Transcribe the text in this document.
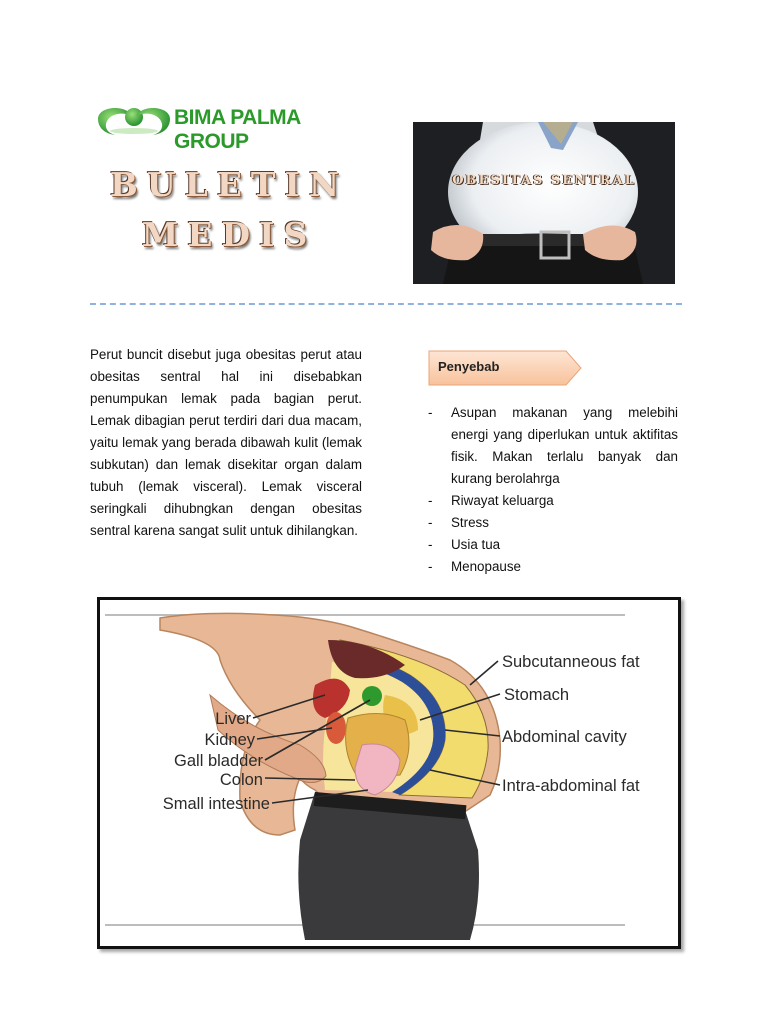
BIMA PALMA GROUP
BULETIN
MEDIS
OBESITAS SENTRAL

Perut buncit disebut juga obesitas perut atau obesitas sentral hal ini disebabkan penumpukan lemak pada bagian perut. Lemak dibagian perut terdiri dari dua macam, yaitu lemak yang berada dibawah kulit (lemak subkutan) dan lemak disekitar organ dalam tubuh (lemak visceral). Lemak visceral seringkali dihubngkan dengan obesitas sentral karena sangat sulit untuk dihilangkan.

Penyebab
- Asupan makanan yang melebihi energi yang diperlukan untuk aktifitas fisik. Makan terlalu banyak dan kurang berolahrga
- Riwayat keluarga
- Stress
- Usia tua
- Menopause
Liver
Kidney
Gall bladder
Colon
Small intestine
Subcutanneous fat
Stomach
Abdominal cavity
Intra-abdominal fat
